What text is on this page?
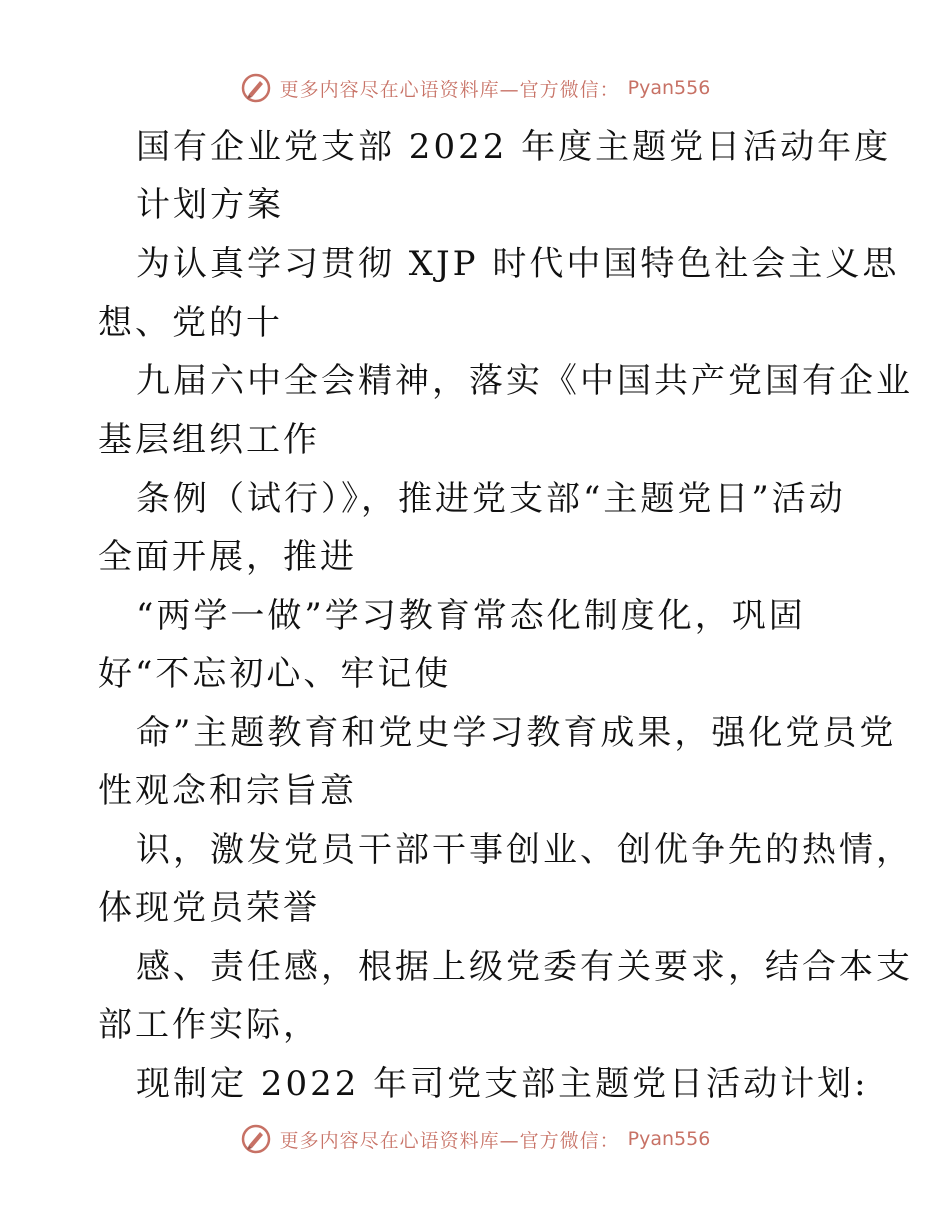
更多内容尽在心语资料库—官方微信： Pyan556
国有企业党支部 2022 年度主题党日活动年度
计划方案
为认真学习贯彻 XJP 时代中国特色社会主义思
想、党的十
九届六中全会精神，落实《中国共产党国有企业
基层组织工作
条例（试行）》，推进党支部“主题党日”活动
全面开展，推进
“两学一做”学习教育常态化制度化，巩固
好“不忘初心、牢记使
命”主题教育和党史学习教育成果，强化党员党
性观念和宗旨意
识，激发党员干部干事创业、创优争先的热情，
体现党员荣誉
感、责任感，根据上级党委有关要求，结合本支
部工作实际，
现制定 2022 年司党支部主题党日活动计划:
更多内容尽在心语资料库—官方微信： Pyan556
